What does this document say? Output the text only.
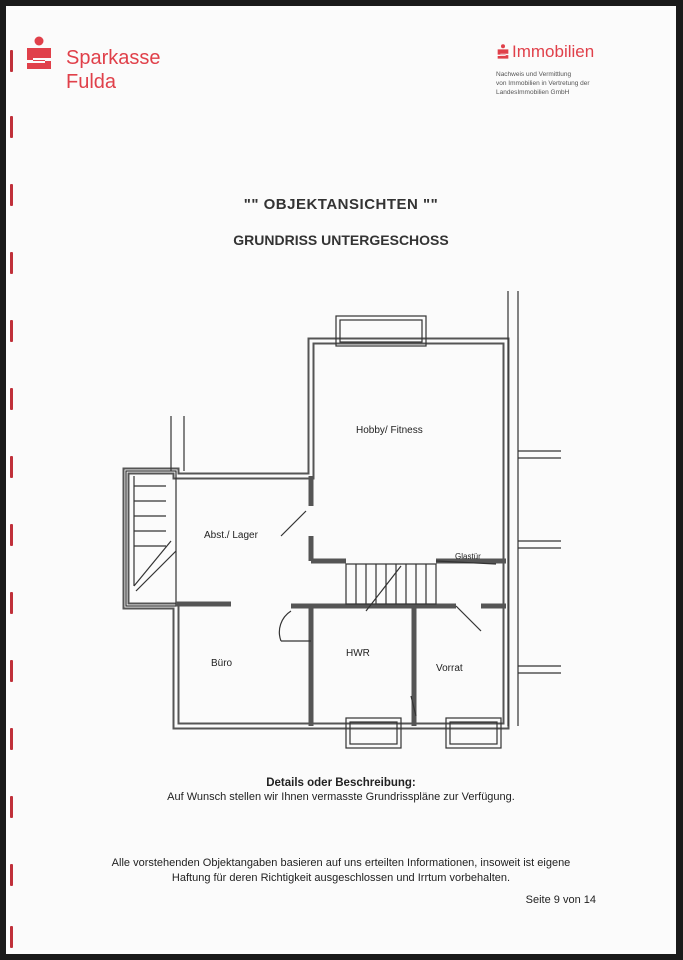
Sparkasse
Fulda
Immobilien
Nachweis und Vermittlung
von Immobilien in Vertretung der
LandesImmobilien GmbH
"" OBJEKTANSICHTEN ""
GRUNDRISS UNTERGESCHOSS
Hobby/ Fitness
Abst./ Lager
Glastür
Büro
HWR
Vorrat
Details oder Beschreibung:
Auf Wunsch stellen wir Ihnen vermasste Grundrisspläne zur Verfügung.
Alle vorstehenden Objektangaben basieren auf uns erteilten Informationen, insoweit ist eigene
Haftung für deren Richtigkeit ausgeschlossen und Irrtum vorbehalten.
Seite 9 von 14
